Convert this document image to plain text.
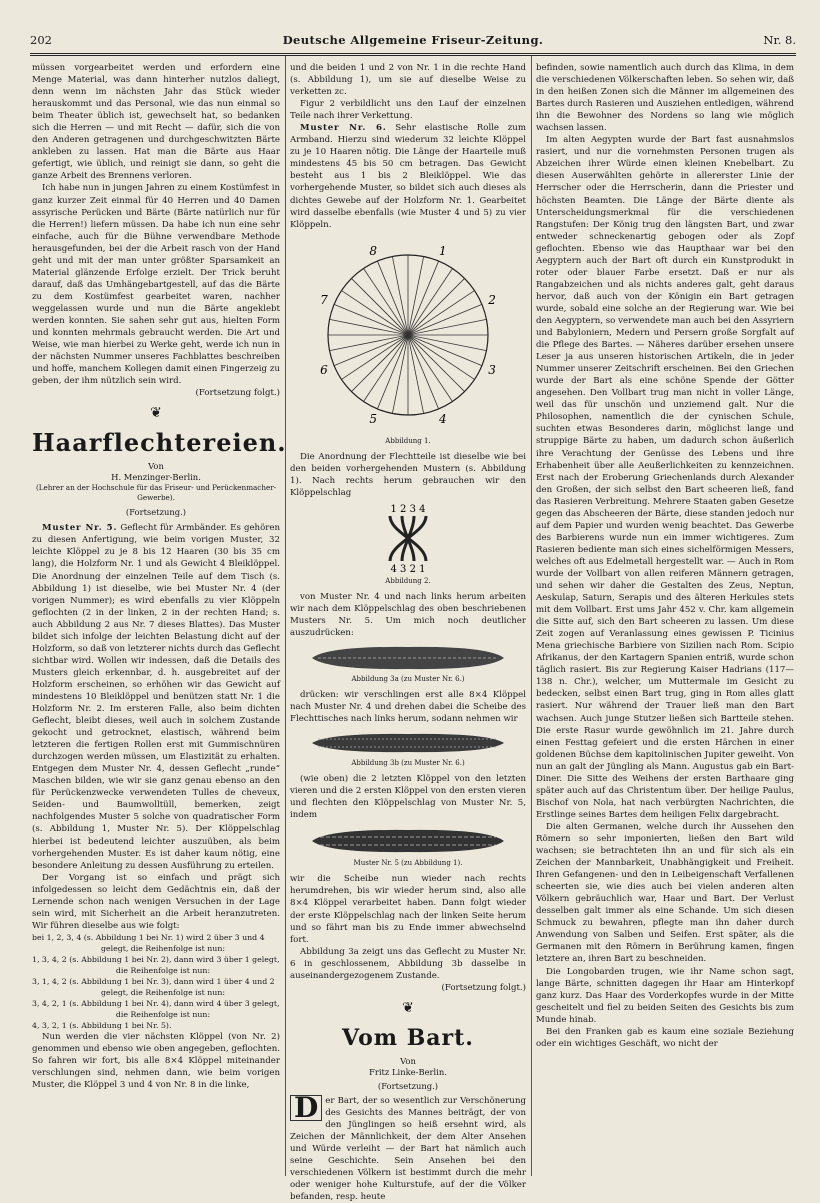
202	Deutsche Allgemeine Friseur-Zeitung.	Nr. 8.

müssen vorgearbeitet werden und erfordern eine Menge Material, was dann hinterher nutzlos daliegt, denn wenn im nächsten Jahr das Stück wieder herauskommt und das Personal, wie das nun einmal so beim Theater üblich ist, gewechselt hat, so bedanken sich die Herren — und mit Recht — dafür, sich die von den Anderen getragenen und durchgeschwitzten Bärte ankleben zu lassen. Hat man die Bärte aus Haar gefertigt, wie üblich, und reinigt sie dann, so geht die ganze Arbeit des Brennens verloren.

Ich habe nun in jungen Jahren zu einem Kostümfest in ganz kurzer Zeit einmal für 40 Herren und 40 Damen assyrische Perücken und Bärte (Bärte natürlich nur für die Herren!) liefern müssen. Da habe ich nun eine sehr einfache, auch für die Bühne verwendbare Methode herausgefunden, bei der die Arbeit rasch von der Hand geht und mit der man unter größter Sparsamkeit an Material glänzende Erfolge erzielt. Der Trick beruht darauf, daß das Umhängebartgestell, auf das die Bärte zu dem Kostümfest gearbeitet waren, nachher weggelassen wurde und nun die Bärte angeklebt werden konnten. Sie sahen sehr gut aus, hielten Form und konnten mehrmals gebraucht werden. Die Art und Weise, wie man hierbei zu Werke geht, werde ich nun in der nächsten Nummer unseres Fachblattes beschreiben und hoffe, manchem Kollegen damit einen Fingerzeig zu geben, der ihm nützlich sein wird.

(Fortsetzung folgt.)

❦
Haarflechtereien.
Von
H. Menzinger-Berlin.
(Lehrer an der Hochschule für das Friseur- und Perückenmacher-Gewerbe).
(Fortsetzung.)

Muster Nr. 5. Geflecht für Armbänder. Es gehören zu diesen Anfertigung, wie beim vorigen Muster, 32 leichte Klöppel zu je 8 bis 12 Haaren (30 bis 35 cm lang), die Holzform Nr. 1 und als Gewicht 4 Bleiklöppel. Die Anordnung der einzelnen Teile auf dem Tisch (s. Abbildung 1) ist dieselbe, wie bei Muster Nr. 4 (der vorigen Nummer); es wird ebenfalls zu vier Klöppeln geflochten (2 in der linken, 2 in der rechten Hand; s. auch Abbildung 2 aus Nr. 7 dieses Blattes). Das Muster bildet sich infolge der leichten Belastung dicht auf der Holzform, so daß von letzterer nichts durch das Geflecht sichtbar wird. Wollen wir indessen, daß die Details des Musters gleich erkennbar, d. h. ausgebreitet auf der Holzform erscheinen, so erhöhen wir das Gewicht auf mindestens 10 Bleiklöppel und benützen statt Nr. 1 die Holzform Nr. 2. Im ersteren Falle, also beim dichten Geflecht, bleibt dieses, weil auch in solchem Zustande gekocht und getrocknet, elastisch, während beim letzteren die fertigen Rollen erst mit Gummischnüren durchzogen werden müssen, um Elastizität zu erhalten. Entgegen dem Muster Nr. 4, dessen Geflecht „runde“ Maschen bilden, wie wir sie ganz genau ebenso an den für Perückenzwecke verwendeten Tulles de cheveux, Seiden- und Baumwolltüll, bemerken, zeigt nachfolgendes Muster 5 solche von quadratischer Form (s. Abbildung 1, Muster Nr. 5). Der Klöppelschlag hierbei ist bedeutend leichter auszuüben, als beim vorhergehenden Muster. Es ist daher kaum nötig, eine besondere Anleitung zu dessen Ausführung zu erteilen.

Der Vorgang ist so einfach und prägt sich infolgedessen so leicht dem Gedächtnis ein, daß der Lernende schon nach wenigen Versuchen in der Lage sein wird, mit Sicherheit an die Arbeit heranzutreten. Wir führen dieselbe aus wie folgt:

bei 1, 2, 3, 4 (s. Abbildung 1 bei Nr. 1) wird 2 über 3 und 4

gelegt, die Reihenfolge ist nun:

1, 3, 4, 2 (s. Abbildung 1 bei Nr. 2), dann wird 3 über 1 gelegt,

die Reihenfolge ist nun:

3, 1, 4, 2 (s. Abbildung 1 bei Nr. 3), dann wird 1 über 4 und 2

gelegt, die Reihenfolge ist nun:

3, 4, 2, 1 (s. Abbildung 1 bei Nr. 4), dann wird 4 über 3 gelegt,

die Reihenfolge ist nun:

4, 3, 2, 1 (s. Abbildung 1 bei Nr. 5).

Nun werden die vier nächsten Klöppel (von Nr. 2) genommen und ebenso wie oben angegeben, geflochten. So fahren wir fort, bis alle 8×4 Klöppel miteinander verschlungen sind, nehmen dann, wie beim vorigen Muster, die Klöppel 3 und 4 von Nr. 8 in die linke,

und die beiden 1 und 2 von Nr. 1 in die rechte Hand (s. Abbildung 1), um sie auf dieselbe Weise zu verketten zc.

Figur 2 verbildlicht uns den Lauf der einzelnen Teile nach ihrer Verkettung.

Muster Nr. 6. Sehr elastische Rolle zum Armband. Hierzu sind wiederum 32 leichte Klöppel zu je 10 Haaren nötig. Die Länge der Haarteile muß mindestens 45 bis 50 cm betragen. Das Gewicht besteht aus 1 bis 2 Bleiklöppel. Wie das vorhergehende Muster, so bildet sich auch dieses als dichtes Gewebe auf der Holzform Nr. 1. Gearbeitet wird dasselbe ebenfalls (wie Muster 4 und 5) zu vier Klöppeln.

1
2
3
4
5
6
7
8
Abbildung 1.

Die Anordnung der Flechtteile ist dieselbe wie bei den beiden vorhergehenden Mustern (s. Abbildung 1). Nach rechts herum gebrauchen wir den Klöppelschlag

1 2 3 4
4 3 2 1
Abbildung 2.

von Muster Nr. 4 und nach links herum arbeiten wir nach dem Klöppelschlag des oben beschriebenen Musters Nr. 5. Um mich noch deutlicher auszudrücken:

Abbildung 3a (zu Muster Nr. 6.)

drücken: wir verschlingen erst alle 8×4 Klöppel nach Muster Nr. 4 und drehen dabei die Scheibe des Flechttisches nach links herum, sodann nehmen wir

Abbildung 3b (zu Muster Nr. 6.)

(wie oben) die 2 letzten Klöppel von den letzten vieren und die 2 ersten Klöppel von den ersten vieren und flechten den Klöppelschlag von Muster Nr. 5, indem

Muster Nr. 5 (zu Abbildung 1).

wir die Scheibe nun wieder nach rechts herumdrehen, bis wir wieder herum sind, also alle 8×4 Klöppel verarbeitet haben. Dann folgt wieder der erste Klöppelschlag nach der linken Seite herum und so fährt man bis zu Ende immer abwechselnd fort.

Abbildung 3a zeigt uns das Geflecht zu Muster Nr. 6 in geschlossenem, Abbildung 3b dasselbe in auseinandergezogenem Zustande.

(Fortsetzung folgt.)

❦
Vom Bart.
Von
Fritz Linke-Berlin.
(Fortsetzung.)

D er Bart, der so wesentlich zur Verschönerung des Gesichts des Mannes beiträgt, der von den Jünglingen so heiß ersehnt wird, als Zeichen der Männlichkeit, der dem Alter Ansehen und Würde verleiht — der Bart hat nämlich auch seine Geschichte. Sein Ansehen bei den verschiedenen Völkern ist bestimmt durch die mehr oder weniger hohe Kulturstufe, auf der die Völker befanden, resp. heute

befinden, sowie namentlich auch durch das Klima, in dem die verschiedenen Völkerschaften leben. So sehen wir, daß in den heißen Zonen sich die Männer im allgemeinen des Bartes durch Rasieren und Ausziehen entledigen, während ihn die Bewohner des Nordens so lang wie möglich wachsen lassen.

Im alten Aegypten wurde der Bart fast ausnahmslos rasiert, und nur die vornehmsten Personen trugen als Abzeichen ihrer Würde einen kleinen Knebelbart. Zu diesen Auserwählten gehörte in allererster Linie der Herrscher oder die Herrscherin, dann die Priester und höchsten Beamten. Die Länge der Bärte diente als Unterscheidungsmerkmal für die verschiedenen Rangstufen: Der König trug den längsten Bart, und zwar entweder schneckenartig gebogen oder als Zopf geflochten. Ebenso wie das Haupthaar war bei den Aegyptern auch der Bart oft durch ein Kunstprodukt in roter oder blauer Farbe ersetzt. Daß er nur als Rangabzeichen und als nichts anderes galt, geht daraus hervor, daß auch von der Königin ein Bart getragen wurde, sobald eine solche an der Regierung war. Wie bei den Aegyptern, so verwendete man auch bei den Assyriern und Babyloniern, Medern und Persern große Sorgfalt auf die Pflege des Bartes. — Näheres darüber ersehen unsere Leser ja aus unseren historischen Artikeln, die in jeder Nummer unserer Zeitschrift erscheinen. Bei den Griechen wurde der Bart als eine schöne Spende der Götter angesehen. Den Vollbart trug man nicht in voller Länge, weil das für unschön und unziemend galt. Nur die Philosophen, namentlich die der cynischen Schule, suchten etwas Besonderes darin, möglichst lange und struppige Bärte zu haben, um dadurch schon äußerlich ihre Verachtung der Genüsse des Lebens und ihre Erhabenheit über alle Aeußerlichkeiten zu kennzeichnen. Erst nach der Eroberung Griechenlands durch Alexander den Großen, der sich selbst den Bart scheeren ließ, fand das Rasieren Verbreitung. Mehrere Staaten gaben Gesetze gegen das Abscheeren der Bärte, diese standen jedoch nur auf dem Papier und wurden wenig beachtet. Das Gewerbe des Barbierens wurde nun ein immer wichtigeres. Zum Rasieren bediente man sich eines sichelförmigen Messers, welches oft aus Edelmetall hergestellt war. — Auch in Rom wurde der Vollbart von allen reiferen Männern getragen, und sehen wir daher die Gestalten des Zeus, Neptun, Aeskulap, Saturn, Serapis und des älteren Herkules stets mit dem Vollbart. Erst ums Jahr 452 v. Chr. kam allgemein die Sitte auf, sich den Bart scheeren zu lassen. Um diese Zeit zogen auf Veranlassung eines gewissen P. Ticinius Mena griechische Barbiere von Sizilien nach Rom. Scipio Afrikanus, der den Kartagern Spanien entriß, wurde schon täglich rasiert. Bis zur Regierung Kaiser Hadrians (117—138 n. Chr.), welcher, um Muttermale im Gesicht zu bedecken, selbst einen Bart trug, ging in Rom alles glatt rasiert. Nur während der Trauer ließ man den Bart wachsen. Auch junge Stutzer ließen sich Bartteile stehen. Die erste Rasur wurde gewöhnlich im 21. Jahre durch einen Festtag gefeiert und die ersten Härchen in einer goldenen Büchse dem kapitolinischen Jupiter geweiht. Von nun an galt der Jüngling als Mann. Augustus gab ein Bart-Diner. Die Sitte des Weihens der ersten Barthaare ging später auch auf das Christentum über. Der heilige Paulus, Bischof von Nola, hat nach verbürgten Nachrichten, die Erstlinge seines Bartes dem heiligen Felix dargebracht.

Die alten Germanen, welche durch ihr Aussehen den Römern so sehr imponierten, ließen den Bart wild wachsen; sie betrachteten ihn an und für sich als ein Zeichen der Mannbarkeit, Unabhängigkeit und Freiheit. Ihren Gefangenen- und den in Leibeigenschaft Verfallenen scheerten sie, wie dies auch bei vielen anderen alten Völkern gebräuchlich war, Haar und Bart. Der Verlust desselben galt immer als eine Schande. Um sich diesen Schmuck zu bewahren, pflegte man ihn daher durch Anwendung von Salben und Seifen. Erst später, als die Germanen mit den Römern in Berührung kamen, fingen letztere an, ihren Bart zu beschneiden.

Die Longobarden trugen, wie ihr Name schon sagt, lange Bärte, schnitten dagegen ihr Haar am Hinterkopf ganz kurz. Das Haar des Vorderkopfes wurde in der Mitte gescheitelt und fiel zu beiden Seiten des Gesichts bis zum Munde hinab.

Bei den Franken gab es kaum eine soziale Beziehung oder ein wichtiges Geschäft, wo nicht der
